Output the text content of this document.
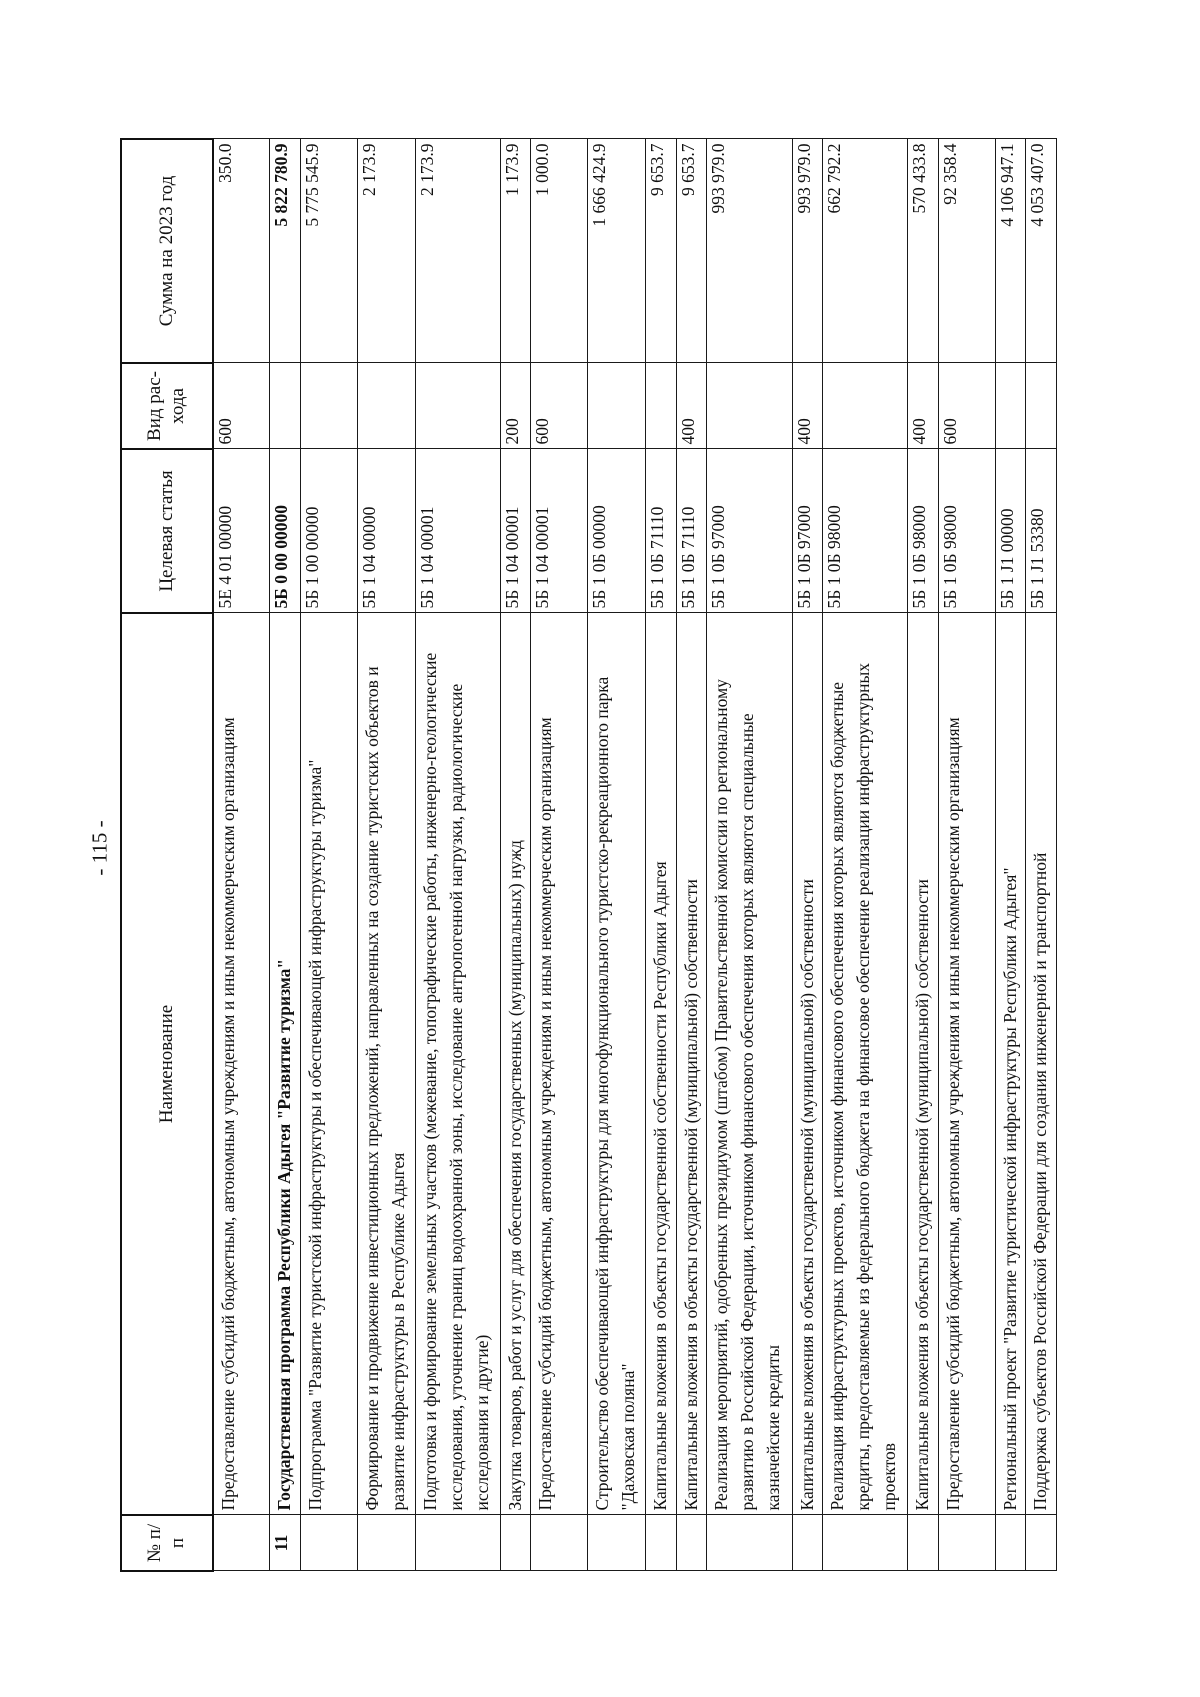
- 115 -
№ п/п	Наименование	Целевая статья	Вид рас-хода	Сумма на 2023 год
	Предоставление субсидий бюджетным, автономным учреждениям и иным некоммерческим организациям	5Е 4 01 00000	600	350.0
11	Государственная программа Республики Адыгея "Развитие туризма"	5Б 0 00 00000		5 822 780.9
	Подпрограмма "Развитие туристской инфраструктуры и обеспечивающей инфраструктуры туризма"	5Б 1 00 00000		5 775 545.9
	Формирование и продвижение инвестиционных предложений, направленных на создание туристских объектов и развитие инфраструктуры в Республике Адыгея	5Б 1 04 00000		2 173.9
	Подготовка и формирование земельных участков (межевание, топографические работы, инженерно-геологические исследования, уточнение границ водоохранной зоны, исследование антропогенной нагрузки, радиологические исследования и другие)	5Б 1 04 00001		2 173.9
	Закупка товаров, работ и услуг для обеспечения государственных (муниципальных) нужд	5Б 1 04 00001	200	1 173.9
	Предоставление субсидий бюджетным, автономным учреждениям и иным некоммерческим организациям	5Б 1 04 00001	600	1 000.0
	Строительство обеспечивающей инфраструктуры для многофункционального туристско-рекреационного парка "Даховская поляна"	5Б 1 0Б 00000		1 666 424.9
	Капитальные вложения в объекты государственной собственности Республики Адыгея	5Б 1 0Б 71110		9 653.7
	Капитальные вложения в объекты государственной (муниципальной) собственности	5Б 1 0Б 71110	400	9 653.7
	Реализация мероприятий, одобренных президиумом (штабом) Правительственной комиссии по региональному развитию в Российской Федерации, источником финансового обеспечения которых являются специальные казначейские кредиты	5Б 1 0Б 97000		993 979.0
	Капитальные вложения в объекты государственной (муниципальной) собственности	5Б 1 0Б 97000	400	993 979.0
	Реализация инфраструктурных проектов, источником финансового обеспечения которых являются бюджетные кредиты, предоставляемые из федерального бюджета на финансовое обеспечение реализации инфраструктурных проектов	5Б 1 0Б 98000		662 792.2
	Капитальные вложения в объекты государственной (муниципальной) собственности	5Б 1 0Б 98000	400	570 433.8
	Предоставление субсидий бюджетным, автономным учреждениям и иным некоммерческим организациям	5Б 1 0Б 98000	600	92 358.4
	Региональный проект "Развитие туристической инфраструктуры Республики Адыгея"	5Б 1 J1 00000		4 106 947.1
	Поддержка субъектов Российской Федерации для создания инженерной и транспортной	5Б 1 J1 53380		4 053 407.0
